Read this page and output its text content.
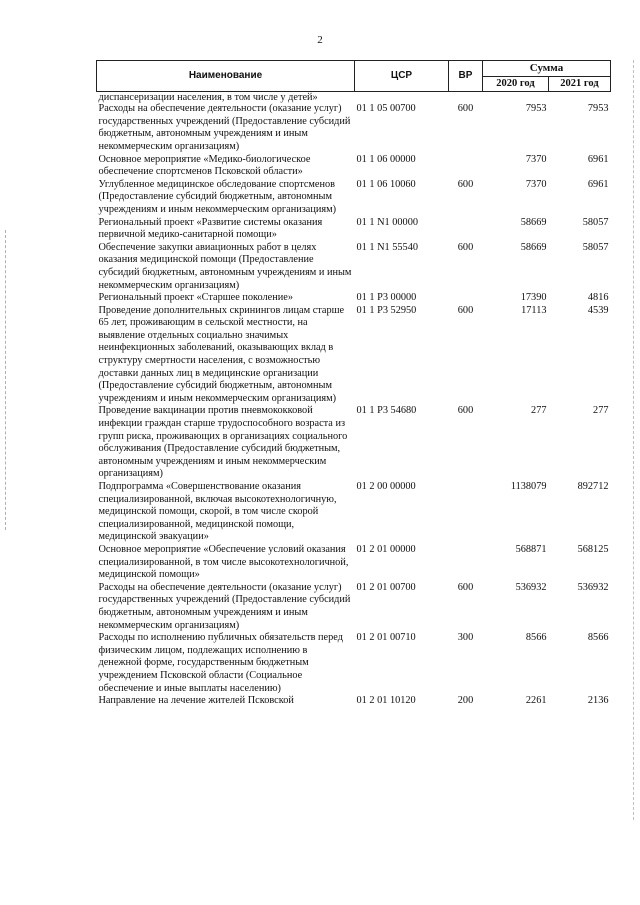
2
Наименование	ЦСР	ВР	Сумма	
			2020 год	2021 год
диспансеризации населения, в том числе у детей»				
Расходы на обеспечение деятельности (оказание услуг) государственных учреждений (Предоставление субсидий бюджетным, автономным учреждениям и иным некоммерческим организациям)	01 1 05 00700	600	7953	7953
Основное мероприятие «Медико-биологическое обеспечение спортсменов Псковской области»	01 1 06 00000		7370	6961
Углубленное медицинское обследование спортсменов (Предоставление субсидий бюджетным, автономным учреждениям и иным некоммерческим организациям)	01 1 06 10060	600	7370	6961
Региональный проект «Развитие системы оказания первичной медико-санитарной помощи»	01 1 N1 00000		58669	58057
Обеспечение закупки авиационных работ в целях оказания медицинской помощи (Предоставление субсидий бюджетным, автономным учреждениям и иным некоммерческим организациям)	01 1 N1 55540	600	58669	58057
Региональный проект «Старшее поколение»	01 1 P3 00000		17390	4816
Проведение дополнительных скринингов лицам старше 65 лет, проживающим в сельской местности, на выявление отдельных социально значимых неинфекционных заболеваний, оказывающих вклад в структуру смертности населения, с возможностью доставки данных лиц в медицинские организации (Предоставление субсидий бюджетным, автономным учреждениям и иным некоммерческим организациям)	01 1 P3 52950	600	17113	4539
Проведение вакцинации против пневмококковой инфекции граждан старше трудоспособного возраста из групп риска, проживающих в организациях социального обслуживания (Предоставление субсидий бюджетным, автономным учреждениям и иным некоммерческим организациям)	01 1 P3 54680	600	277	277
Подпрограмма «Совершенствование оказания специализированной, включая высокотехнологичную, медицинской помощи, скорой, в том числе скорой специализированной, медицинской помощи, медицинской эвакуации»	01 2 00 00000		1138079	892712
Основное мероприятие «Обеспечение условий оказания специализированной, в том числе высокотехнологичной, медицинской помощи»	01 2 01 00000		568871	568125
Расходы на обеспечение деятельности (оказание услуг) государственных учреждений (Предоставление субсидий бюджетным, автономным учреждениям и иным некоммерческим организациям)	01 2 01 00700	600	536932	536932
Расходы по исполнению публичных обязательств перед физическим лицом, подлежащих исполнению в денежной форме, государственным бюджетным учреждением Псковской области (Социальное обеспечение и иные выплаты населению)	01 2 01 00710	300	8566	8566
Направление на лечение жителей Псковской	01 2 01 10120	200	2261	2136
